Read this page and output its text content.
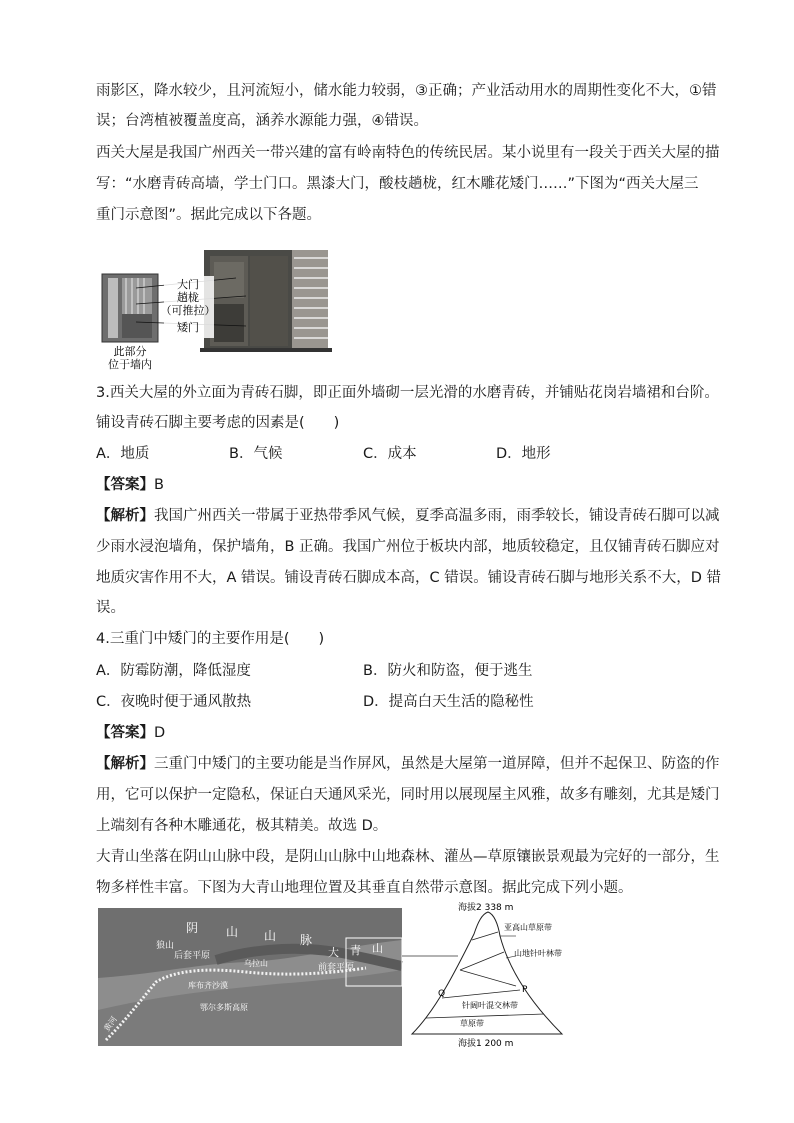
雨影区，降水较少，且河流短小，储水能力较弱，③正确；产业活动用水的周期性变化不大，①错
误；台湾植被覆盖度高，涵养水源能力强，④错误。
西关大屋是我国广州西关一带兴建的富有岭南特色的传统民居。某小说里有一段关于西关大屋的描
写：“水磨青砖高墙，学士门口。黑漆大门，酸枝趟栊，红木雕花矮门……”下图为“西关大屋三
重门示意图”。据此完成以下各题。
大门
趟栊
（可推拉）
矮门
此部分
位于墙内
3.西关大屋的外立面为青砖石脚，即正面外墙砌一层光滑的水磨青砖，并铺贴花岗岩墙裙和台阶。
铺设青砖石脚主要考虑的因素是(　　)
A．地质	B．气候	C．成本	D．地形
【答案】B
【解析】我国广州西关一带属于亚热带季风气候，夏季高温多雨，雨季较长，铺设青砖石脚可以减
少雨水浸泡墙角，保护墙角，B 正确。我国广州位于板块内部，地质较稳定，且仅铺青砖石脚应对
地质灾害作用不大，A 错误。铺设青砖石脚成本高，C 错误。铺设青砖石脚与地形关系不大，D 错
误。
4.三重门中矮门的主要作用是(　　)
A．防霉防潮，降低湿度	B．防火和防盗，便于逃生
C．夜晚时便于通风散热	D．提高白天生活的隐秘性
【答案】D
【解析】三重门中矮门的主要功能是当作屏风，虽然是大屋第一道屏障，但并不起保卫、防盗的作
用，它可以保护一定隐私，保证白天通风采光，同时用以展现屋主风雅，故多有雕刻，尤其是矮门
上端刻有各种木雕通花，极其精美。故选 D。
大青山坐落在阴山山脉中段，是阴山山脉中山地森林、灌丛—草原镶嵌景观最为完好的一部分，生
物多样性丰富。下图为大青山地理位置及其垂直自然带示意图。据此完成下列小题。
阴 山 山 脉
大 青 山
狼山
后套平原
乌拉山	前套平原
库布齐沙漠
鄂尔多斯高原
黄河
海拔2 338 m
亚高山草原带
山地针叶林带
针阔叶混交林带
草原带
Q	P
海拔1 200 m
